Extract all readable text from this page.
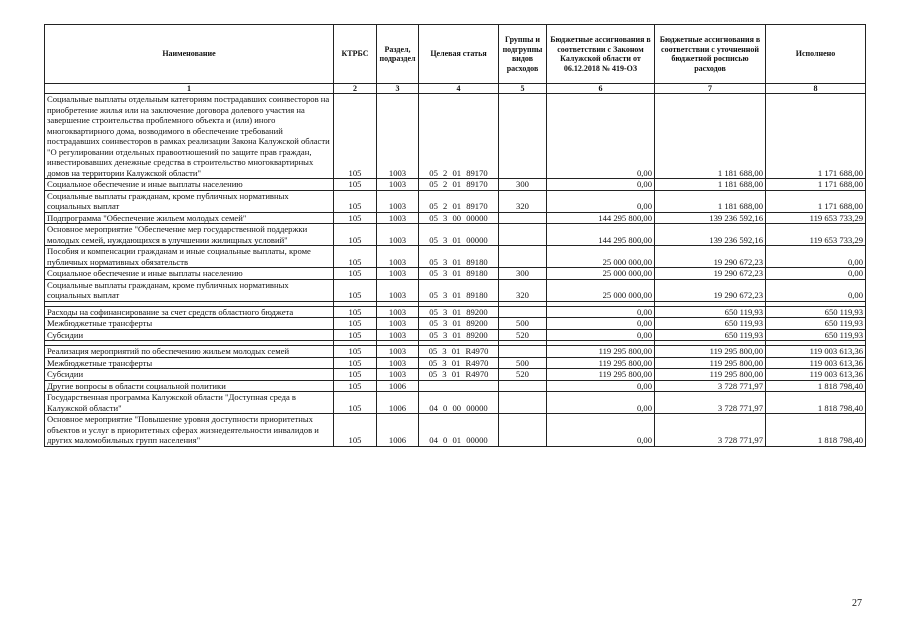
Наименование	КТРБС	Раздел, подраздел	Целевая статья	Группы и подгруппы видов расходов	Бюджетные ассигнования в соответствии с Законом Калужской области от 06.12.2018 № 419-ОЗ	Бюджетные ассигнования в соответствии с уточненной бюджетной росписью расходов	Исполнено
1	2	3	4	5	6	7	8
Социальные выплаты отдельным категориям пострадавших соинвесторов на приобретение жилья или на заключение договора долевого участия на завершение строительства проблемного объекта и (или) иного многоквартирного дома, возводимого в обеспечение требований пострадавших соинвесторов в рамках реализации Закона Калужской области "О регулировании отдельных правоотношений по защите прав граждан, инвестировавших денежные средства в строительство многоквартирных домов на территории Калужской области"	105	1003	05 2 01 89170		0,00	1 181 688,00	1 171 688,00
Социальное обеспечение и иные выплаты населению	105	1003	05 2 01 89170	300	0,00	1 181 688,00	1 171 688,00
Социальные выплаты гражданам, кроме публичных нормативных социальных выплат	105	1003	05 2 01 89170	320	0,00	1 181 688,00	1 171 688,00
Подпрограмма "Обеспечение жильем молодых семей"	105	1003	05 3 00 00000		144 295 800,00	139 236 592,16	119 653 733,29
Основное мероприятие "Обеспечение мер государственной поддержки молодых семей, нуждающихся в улучшении жилищных условий"	105	1003	05 3 01 00000		144 295 800,00	139 236 592,16	119 653 733,29
Пособия и компенсации гражданам и иные социальные выплаты, кроме публичных нормативных обязательств	105	1003	05 3 01 89180		25 000 000,00	19 290 672,23	0,00
Социальное обеспечение и иные выплаты населению	105	1003	05 3 01 89180	300	25 000 000,00	19 290 672,23	0,00
Социальные выплаты гражданам, кроме публичных нормативных социальных выплат	105	1003	05 3 01 89180	320	25 000 000,00	19 290 672,23	0,00

Расходы на софинансирование за счет средств областного бюджета	105	1003	05 3 01 89200		0,00	650 119,93	650 119,93
Межбюджетные трансферты	105	1003	05 3 01 89200	500	0,00	650 119,93	650 119,93
Субсидии	105	1003	05 3 01 89200	520	0,00	650 119,93	650 119,93

Реализация мероприятий по обеспечению жильем молодых семей	105	1003	05 3 01 R4970		119 295 800,00	119 295 800,00	119 003 613,36
Межбюджетные трансферты	105	1003	05 3 01 R4970	500	119 295 800,00	119 295 800,00	119 003 613,36
Субсидии	105	1003	05 3 01 R4970	520	119 295 800,00	119 295 800,00	119 003 613,36
Другие вопросы в области социальной политики	105	1006			0,00	3 728 771,97	1 818 798,40
Государственная программа Калужской области "Доступная среда в Калужской области"	105	1006	04 0 00 00000		0,00	3 728 771,97	1 818 798,40
Основное мероприятие "Повышение уровня доступности приоритетных объектов и услуг в приоритетных сферах жизнедеятельности инвалидов и других маломобильных групп населения"	105	1006	04 0 01 00000		0,00	3 728 771,97	1 818 798,40
27
